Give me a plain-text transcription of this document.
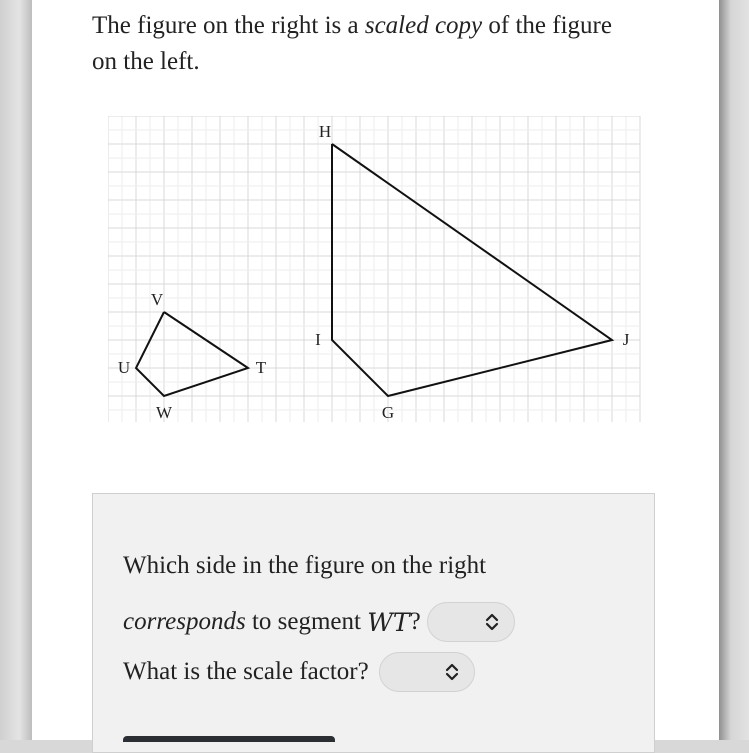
The figure on the right is a scaled copy of the figure on the left.
V
U
W
T
H
I
G
J
Which side in the figure on the right
corresponds to segment WT ?
What is the scale factor?
